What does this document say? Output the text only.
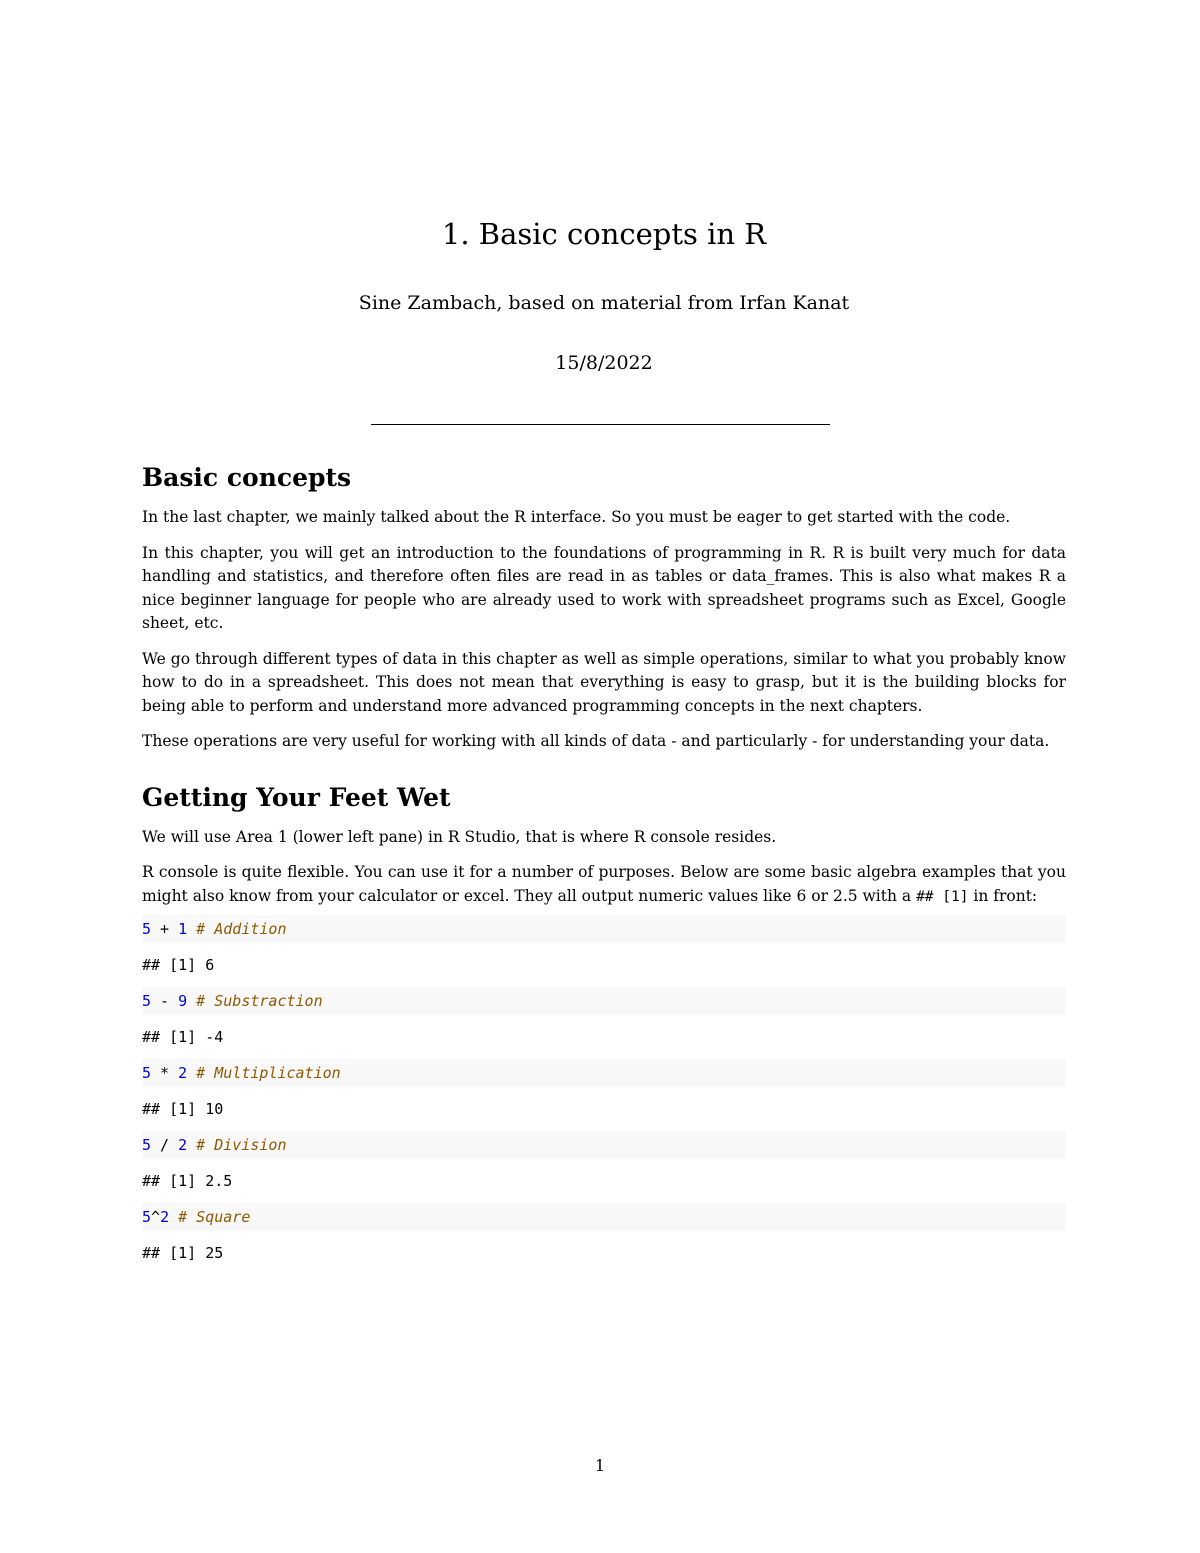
1. Basic concepts in R
Sine Zambach, based on material from Irfan Kanat
15/8/2022
Basic concepts

In the last chapter, we mainly talked about the R interface. So you must be eager to get started with the code.

In this chapter, you will get an introduction to the foundations of programming in R. R is built very much for data handling and statistics, and therefore often files are read in as tables or data_frames. This is also what makes R a nice beginner language for people who are already used to work with spreadsheet programs such as Excel, Google sheet, etc.

We go through different types of data in this chapter as well as simple operations, similar to what you probably know how to do in a spreadsheet. This does not mean that everything is easy to grasp, but it is the building blocks for being able to perform and understand more advanced programming concepts in the next chapters.

These operations are very useful for working with all kinds of data - and particularly - for understanding your data.

Getting Your Feet Wet

We will use Area 1 (lower left pane) in R Studio, that is where R console resides.

R console is quite flexible. You can use it for a number of purposes. Below are some basic algebra examples that you might also know from your calculator or excel. They all output numeric values like 6 or 2.5 with a ## [1] in front:

5 + 1 # Addition
## [1] 6
5 - 9 # Substraction
## [1] -4
5 * 2 # Multiplication
## [1] 10
5 / 2 # Division
## [1] 2.5
5^2 # Square
## [1] 25
1
